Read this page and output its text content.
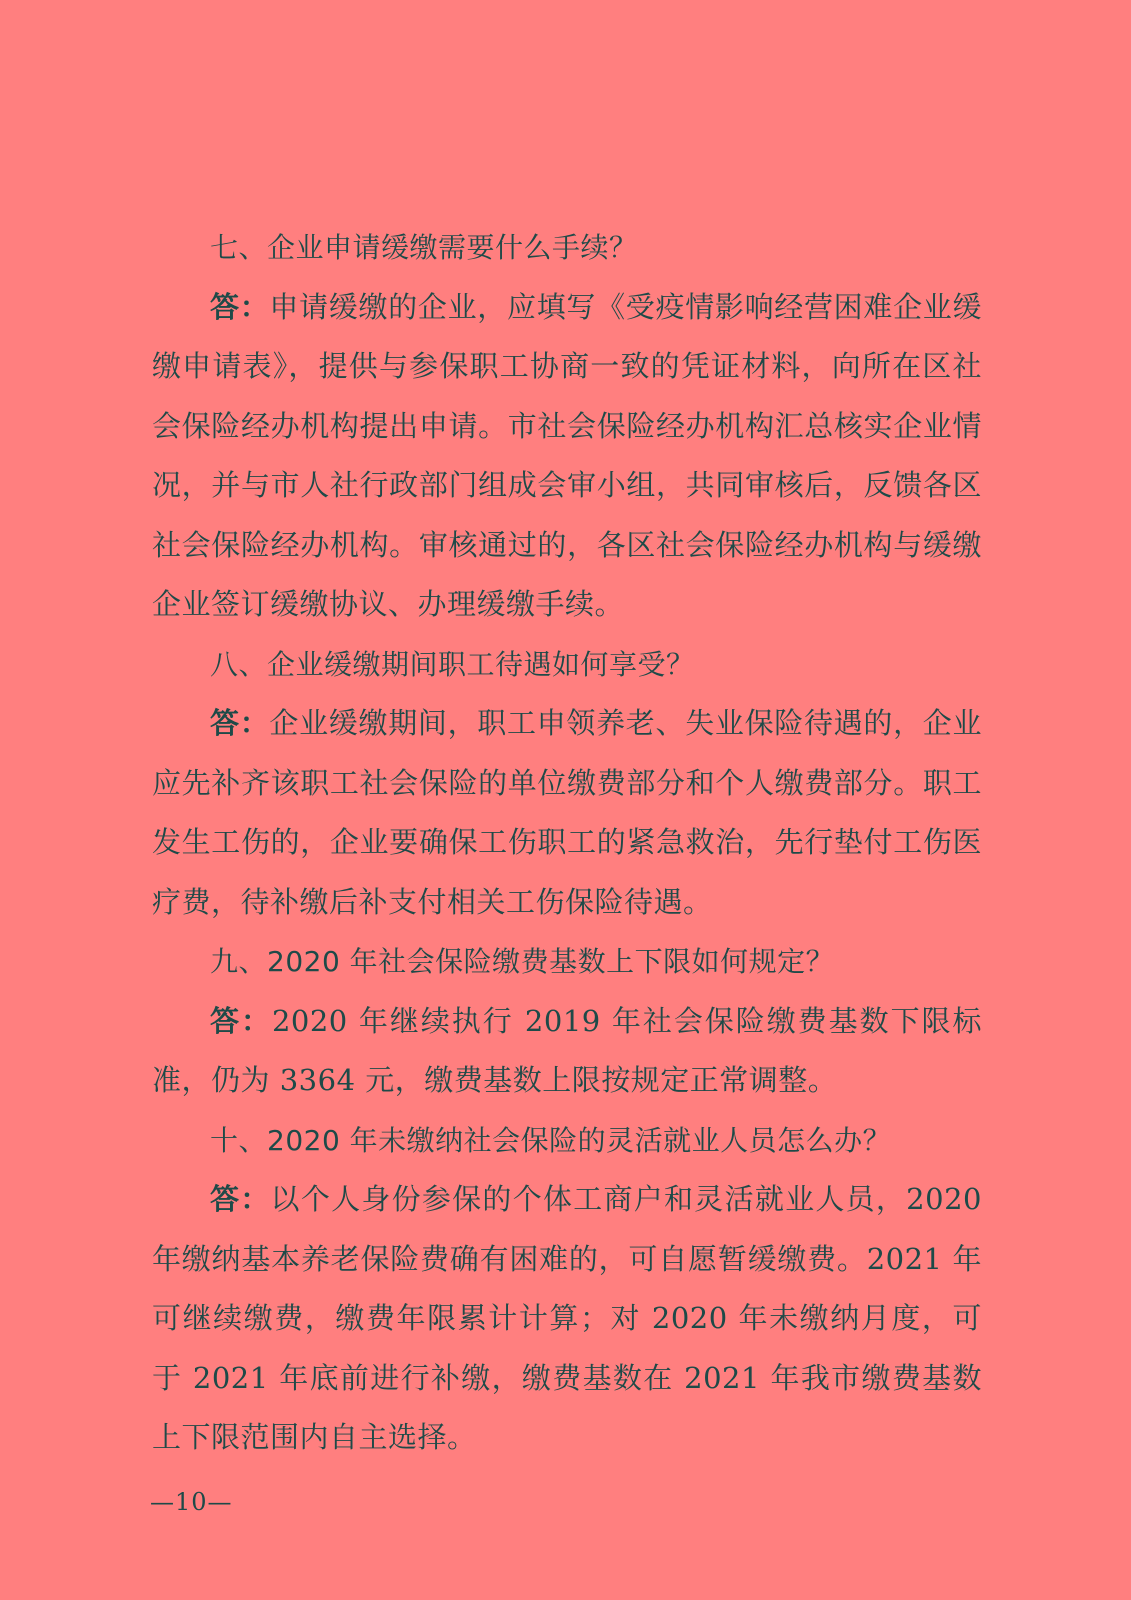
七、企业申请缓缴需要什么手续？

答：申请缓缴的企业，应填写《受疫情影响经营困难企业缓缴申请表》，提供与参保职工协商一致的凭证材料，向所在区社会保险经办机构提出申请。市社会保险经办机构汇总核实企业情况，并与市人社行政部门组成会审小组，共同审核后，反馈各区社会保险经办机构。审核通过的，各区社会保险经办机构与缓缴企业签订缓缴协议、办理缓缴手续。

八、企业缓缴期间职工待遇如何享受？

答：企业缓缴期间，职工申领养老、失业保险待遇的，企业应先补齐该职工社会保险的单位缴费部分和个人缴费部分。职工发生工伤的，企业要确保工伤职工的紧急救治，先行垫付工伤医疗费，待补缴后补支付相关工伤保险待遇。

九、2020 年社会保险缴费基数上下限如何规定？

答：2020 年继续执行 2019 年社会保险缴费基数下限标准，仍为 3364 元，缴费基数上限按规定正常调整。

十、2020 年未缴纳社会保险的灵活就业人员怎么办？

答：以个人身份参保的个体工商户和灵活就业人员，2020 年缴纳基本养老保险费确有困难的，可自愿暂缓缴费。2021 年可继续缴费，缴费年限累计计算；对 2020 年未缴纳月度，可于 2021 年底前进行补缴，缴费基数在 2021 年我市缴费基数上下限范围内自主选择。

—10—
